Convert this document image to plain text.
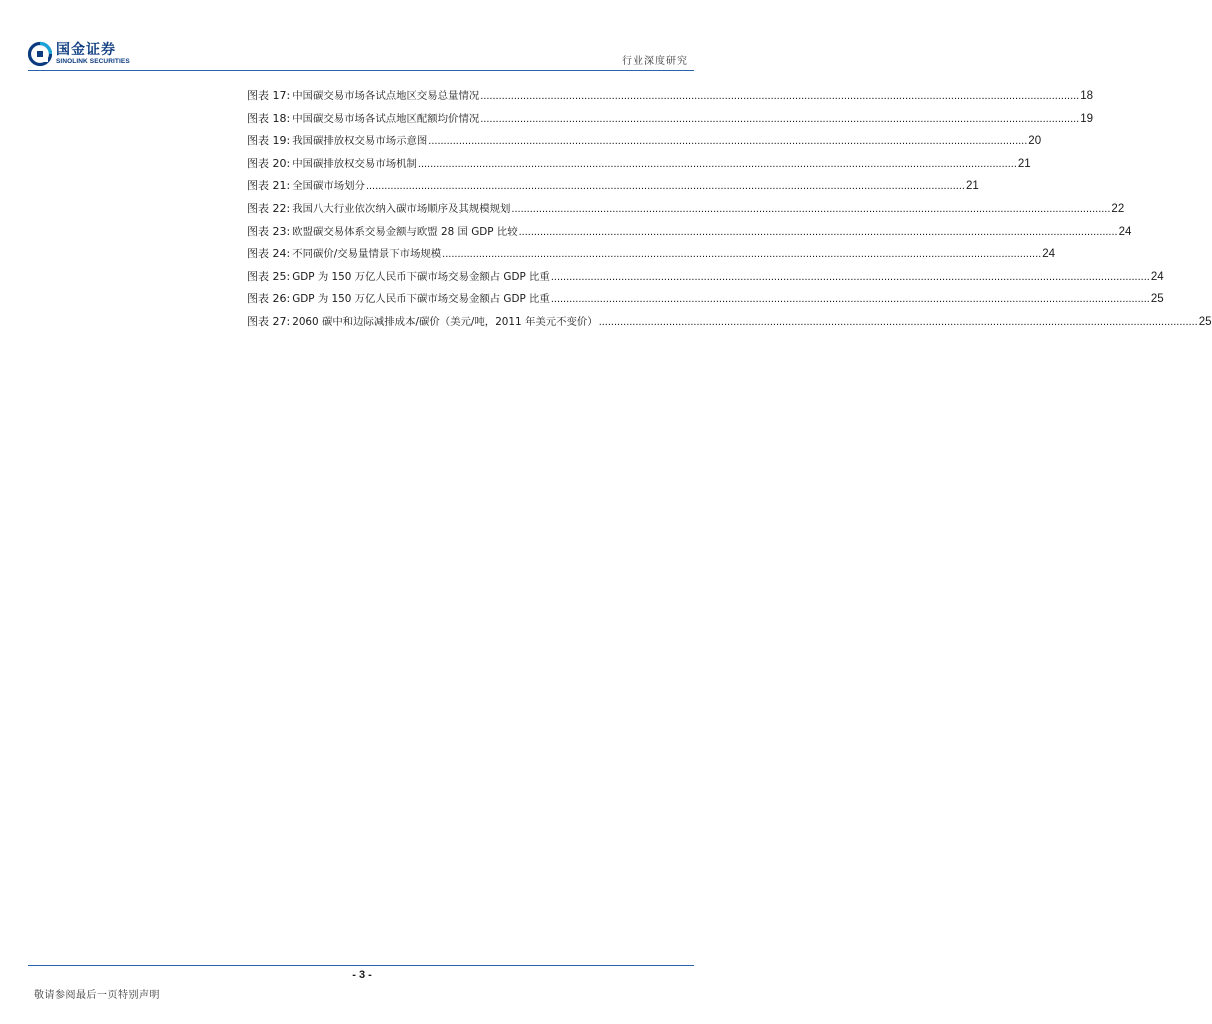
国金证券
SINOLINK SECURITIES	行业深度研究
图表 17: 中国碳交易市场各试点地区交易总量情况 .....	18
图表 18: 中国碳交易市场各试点地区配额均价情况 .....	19
图表 19: 我国碳排放权交易市场示意图 .....	20
图表 20: 中国碳排放权交易市场机制 .....	21
图表 21: 全国碳市场划分 .....	21
图表 22: 我国八大行业依次纳入碳市场顺序及其规模规划 .....	22
图表 23: 欧盟碳交易体系交易金额与欧盟 28 国 GDP 比较 .....	24
图表 24: 不同碳价/交易量情景下市场规模 .....	24
图表 25: GDP 为 150 万亿人民币下碳市场交易金额占 GDP 比重 .....	24
图表 26: GDP 为 150 万亿人民币下碳市场交易金额占 GDP 比重 .....	25
图表 27: 2060 碳中和边际减排成本/碳价（美元/吨，2011 年美元不变价） .....	25
- 3 -
敬请参阅最后一页特别声明
